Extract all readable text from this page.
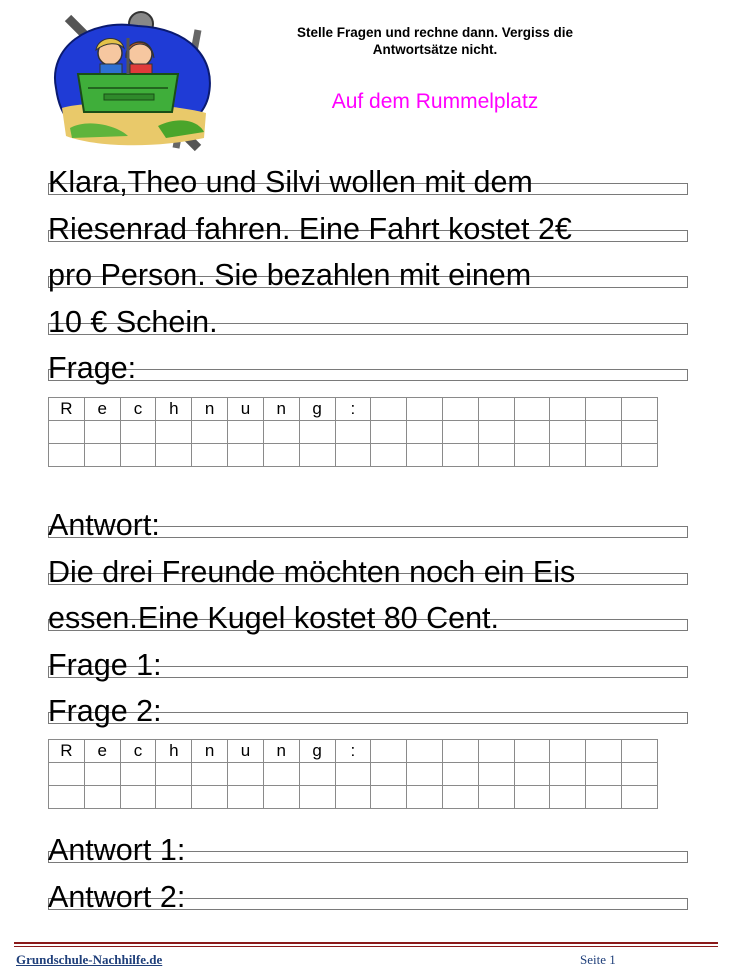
Stelle Fragen und rechne dann. Vergiss die
Antwortsätze nicht.
Auf dem Rummelplatz
Klara,Theo und Silvi wollen mit dem
Riesenrad fahren. Eine Fahrt kostet 2€
pro Person. Sie bezahlen mit einem
10 € Schein.
Frage:
R	e	c	h	n	u	n	g	:								

Antwort:
Die drei Freunde möchten noch ein Eis
essen.Eine Kugel kostet 80 Cent.
Frage 1:
Frage 2:
R	e	c	h	n	u	n	g	:								

Antwort 1:
Antwort 2:
Grundschule-Nachhilfe.de	Seite 1
